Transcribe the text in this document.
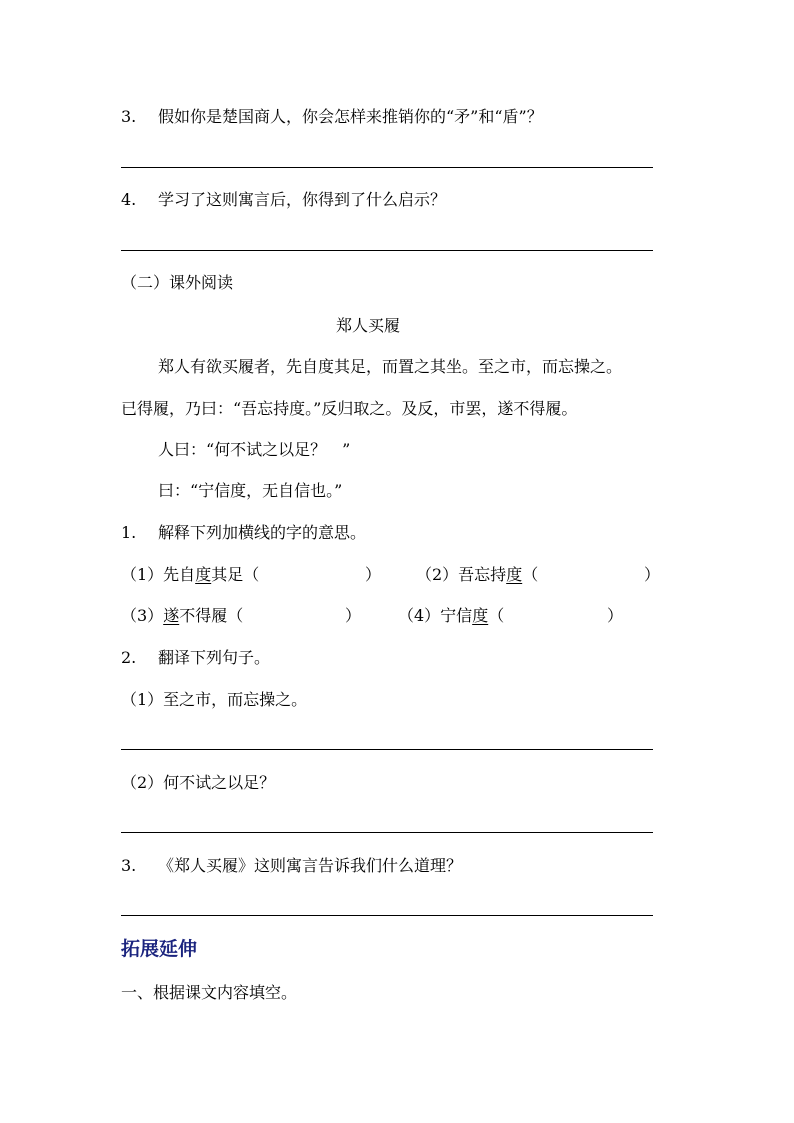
3. 假如你是楚国商人，你会怎样来推销你的“矛”和“盾”？
4. 学习了这则寓言后，你得到了什么启示？
（二）课外阅读
郑人买履
郑人有欲买履者，先自度其足，而置之其坐。至之市，而忘操之。
已得履，乃曰：“吾忘持度。”反归取之。及反，市罢，遂不得履。
人曰：“何不试之以足？　”
曰：“宁信度，无自信也。”
1. 解释下列加横线的字的意思。
（1）先自度其足（	） （2）吾忘持度（	）
（3）遂不得履（	） （4）宁信度（	）
2. 翻译下列句子。
（1）至之市，而忘操之。
（2）何不试之以足？
3. 《郑人买履》这则寓言告诉我们什么道理？
拓展延伸
一、根据课文内容填空。
